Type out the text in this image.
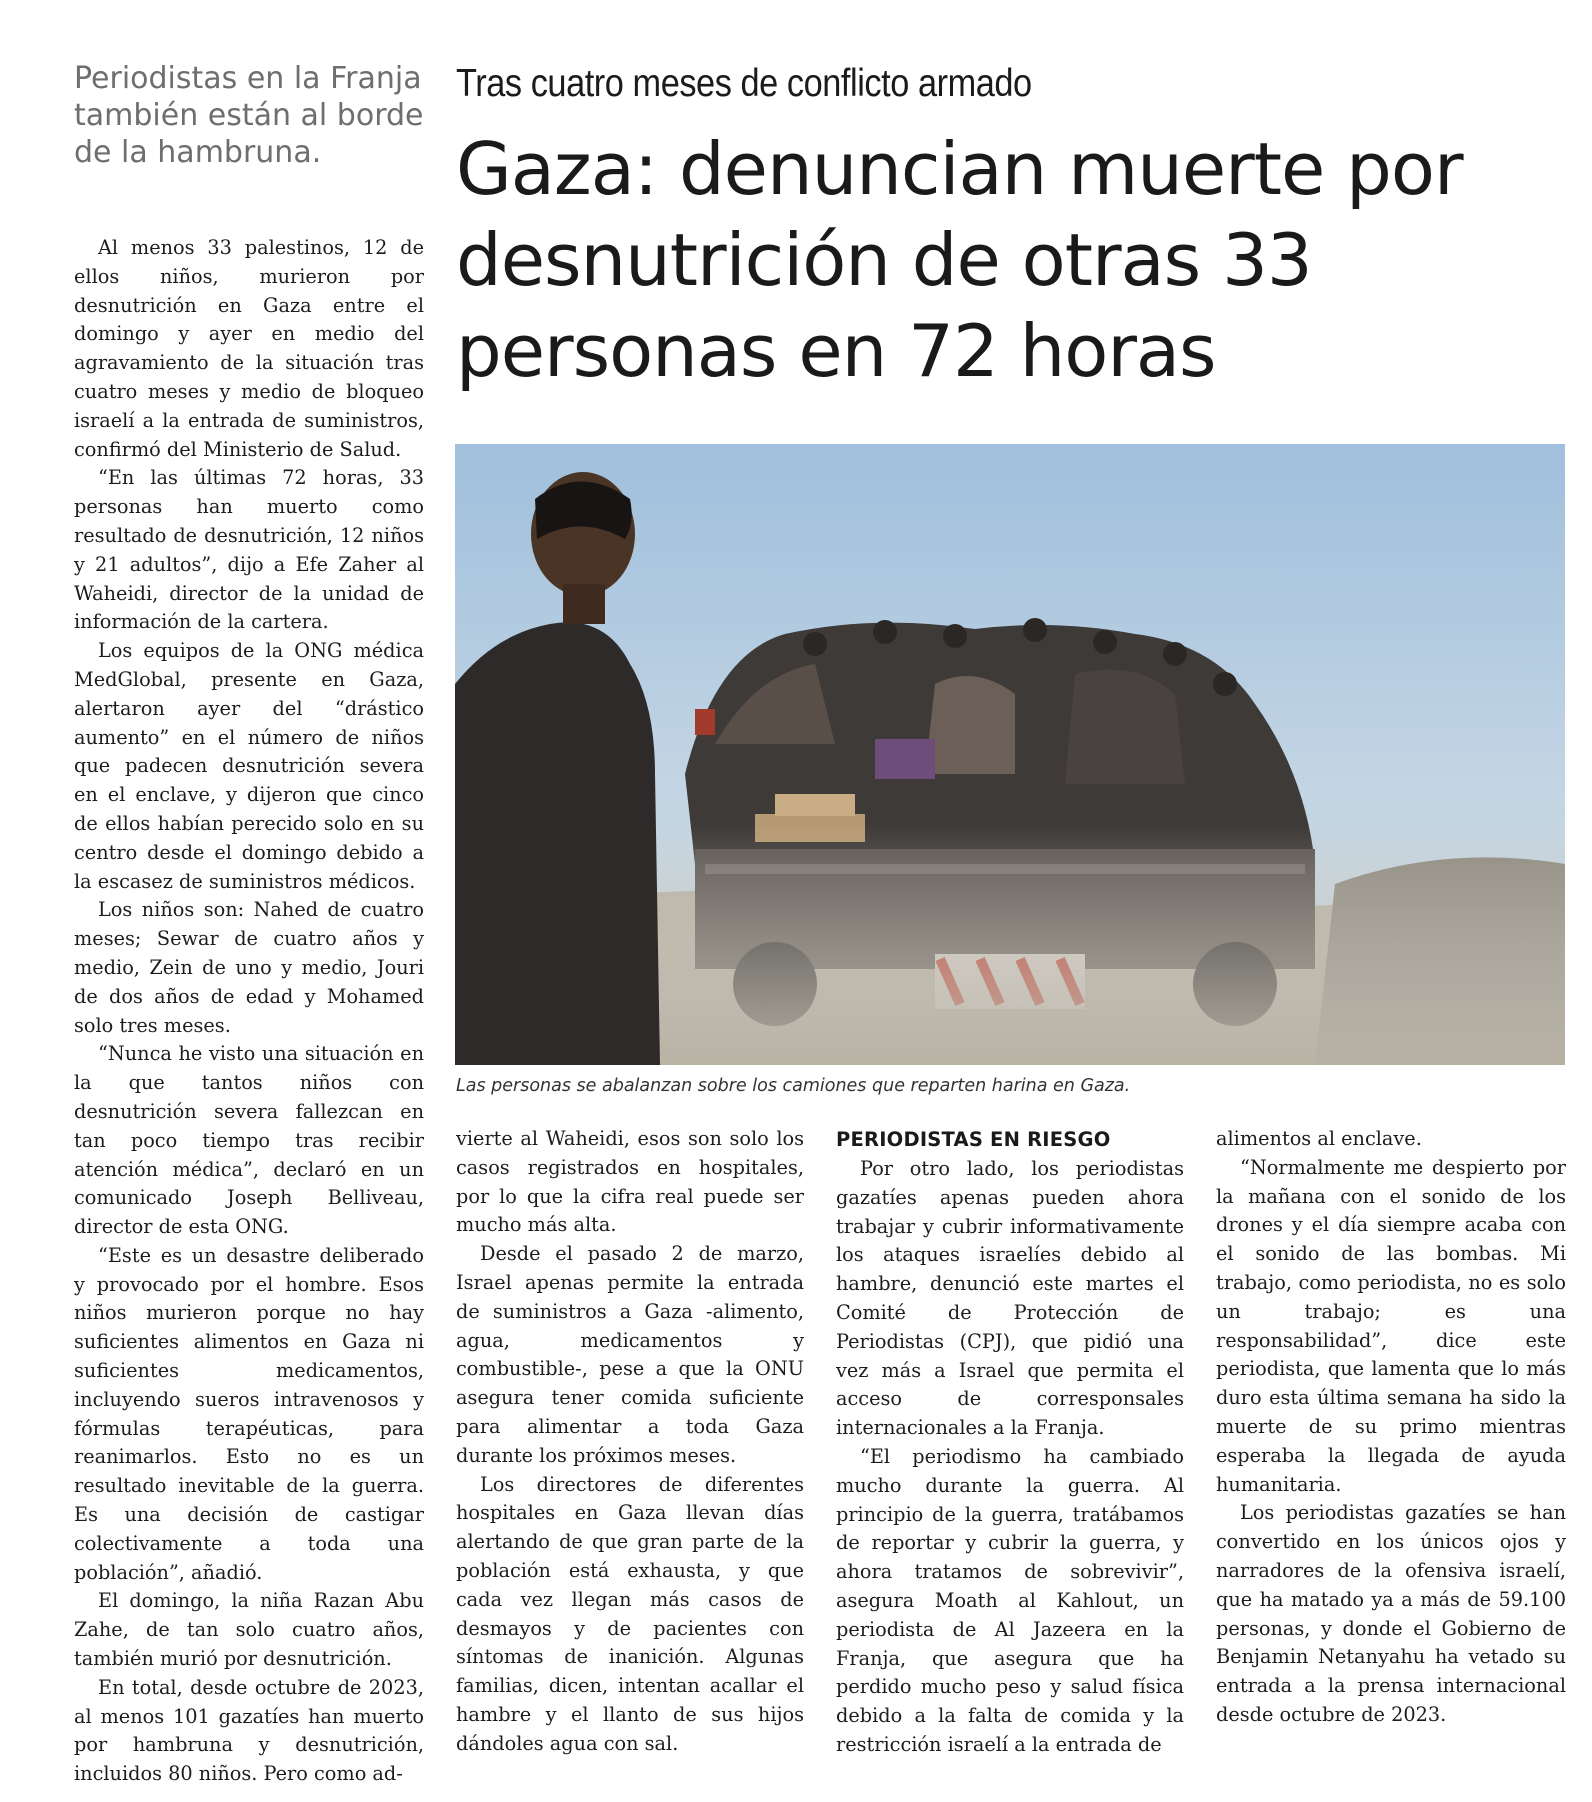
Periodistas en la Franja también están al borde de la hambruna.
Tras cuatro meses de conflicto armado
Gaza: denuncian muerte por desnutrición de otras 33 personas en 72 horas
Las personas se abalanzan sobre los camiones que reparten harina en Gaza.

Al menos 33 palestinos, 12 de ellos niños, murieron por desnutrición en Gaza entre el domingo y ayer en medio del agravamiento de la situación tras cuatro meses y medio de bloqueo israelí a la entrada de suministros, confirmó del Ministerio de Salud.

“En las últimas 72 horas, 33 personas han muerto como resultado de desnutrición, 12 niños y 21 adultos”, dijo a Efe Zaher al Waheidi, director de la unidad de información de la cartera.

Los equipos de la ONG médica MedGlobal, presente en Gaza, alertaron ayer del “drástico aumento” en el número de niños que padecen desnutrición severa en el enclave, y dijeron que cinco de ellos habían perecido solo en su centro desde el domingo debido a la escasez de suministros médicos.

Los niños son: Nahed de cuatro meses; Sewar de cuatro años y medio, Zein de uno y medio, Jouri de dos años de edad y Mohamed solo tres meses.

“Nunca he visto una situación en la que tantos niños con desnutrición severa fallezcan en tan poco tiempo tras recibir atención médica”, declaró en un comunicado Joseph Belliveau, director de esta ONG.

“Este es un desastre deliberado y provocado por el hombre. Esos niños murieron porque no hay suficientes alimentos en Gaza ni suficientes medicamentos, incluyendo sueros intravenosos y fórmulas terapéuticas, para reanimarlos. Esto no es un resultado inevitable de la guerra. Es una decisión de castigar colectivamente a toda una población”, añadió.

El domingo, la niña Razan Abu Zahe, de tan solo cuatro años, también murió por desnutrición.

En total, desde octubre de 2023, al menos 101 gazatíes han muerto por hambruna y desnutrición, incluidos 80 niños. Pero como ad-

vierte al Waheidi, esos son solo los casos registrados en hospitales, por lo que la cifra real puede ser mucho más alta.

Desde el pasado 2 de marzo, Israel apenas permite la entrada de suministros a Gaza -alimento, agua, medicamentos y combustible-, pese a que la ONU asegura tener comida suficiente para alimentar a toda Gaza durante los próximos meses.

Los directores de diferentes hospitales en Gaza llevan días alertando de que gran parte de la población está exhausta, y que cada vez llegan más casos de desmayos y de pacientes con síntomas de inanición. Algunas familias, dicen, intentan acallar el hambre y el llanto de sus hijos dándoles agua con sal.

PERIODISTAS EN RIESGO

Por otro lado, los periodistas gazatíes apenas pueden ahora trabajar y cubrir informativamente los ataques israelíes debido al hambre, denunció este martes el Comité de Protección de Periodistas (CPJ), que pidió una vez más a Israel que permita el acceso de corresponsales internacionales a la Franja.

“El periodismo ha cambiado mucho durante la guerra. Al principio de la guerra, tratábamos de reportar y cubrir la guerra, y ahora tratamos de sobrevivir”, asegura Moath al Kahlout, un periodista de Al Jazeera en la Franja, que asegura que ha perdido mucho peso y salud física debido a la falta de comida y la restricción israelí a la entrada de

alimentos al enclave.

“Normalmente me despierto por la mañana con el sonido de los drones y el día siempre acaba con el sonido de las bombas. Mi trabajo, como periodista, no es solo un trabajo; es una responsabilidad”, dice este periodista, que lamenta que lo más duro esta última semana ha sido la muerte de su primo mientras esperaba la llegada de ayuda humanitaria.

Los periodistas gazatíes se han convertido en los únicos ojos y narradores de la ofensiva israelí, que ha matado ya a más de 59.100 personas, y donde el Gobierno de Benjamin Netanyahu ha vetado su entrada a la prensa internacional desde octubre de 2023.
